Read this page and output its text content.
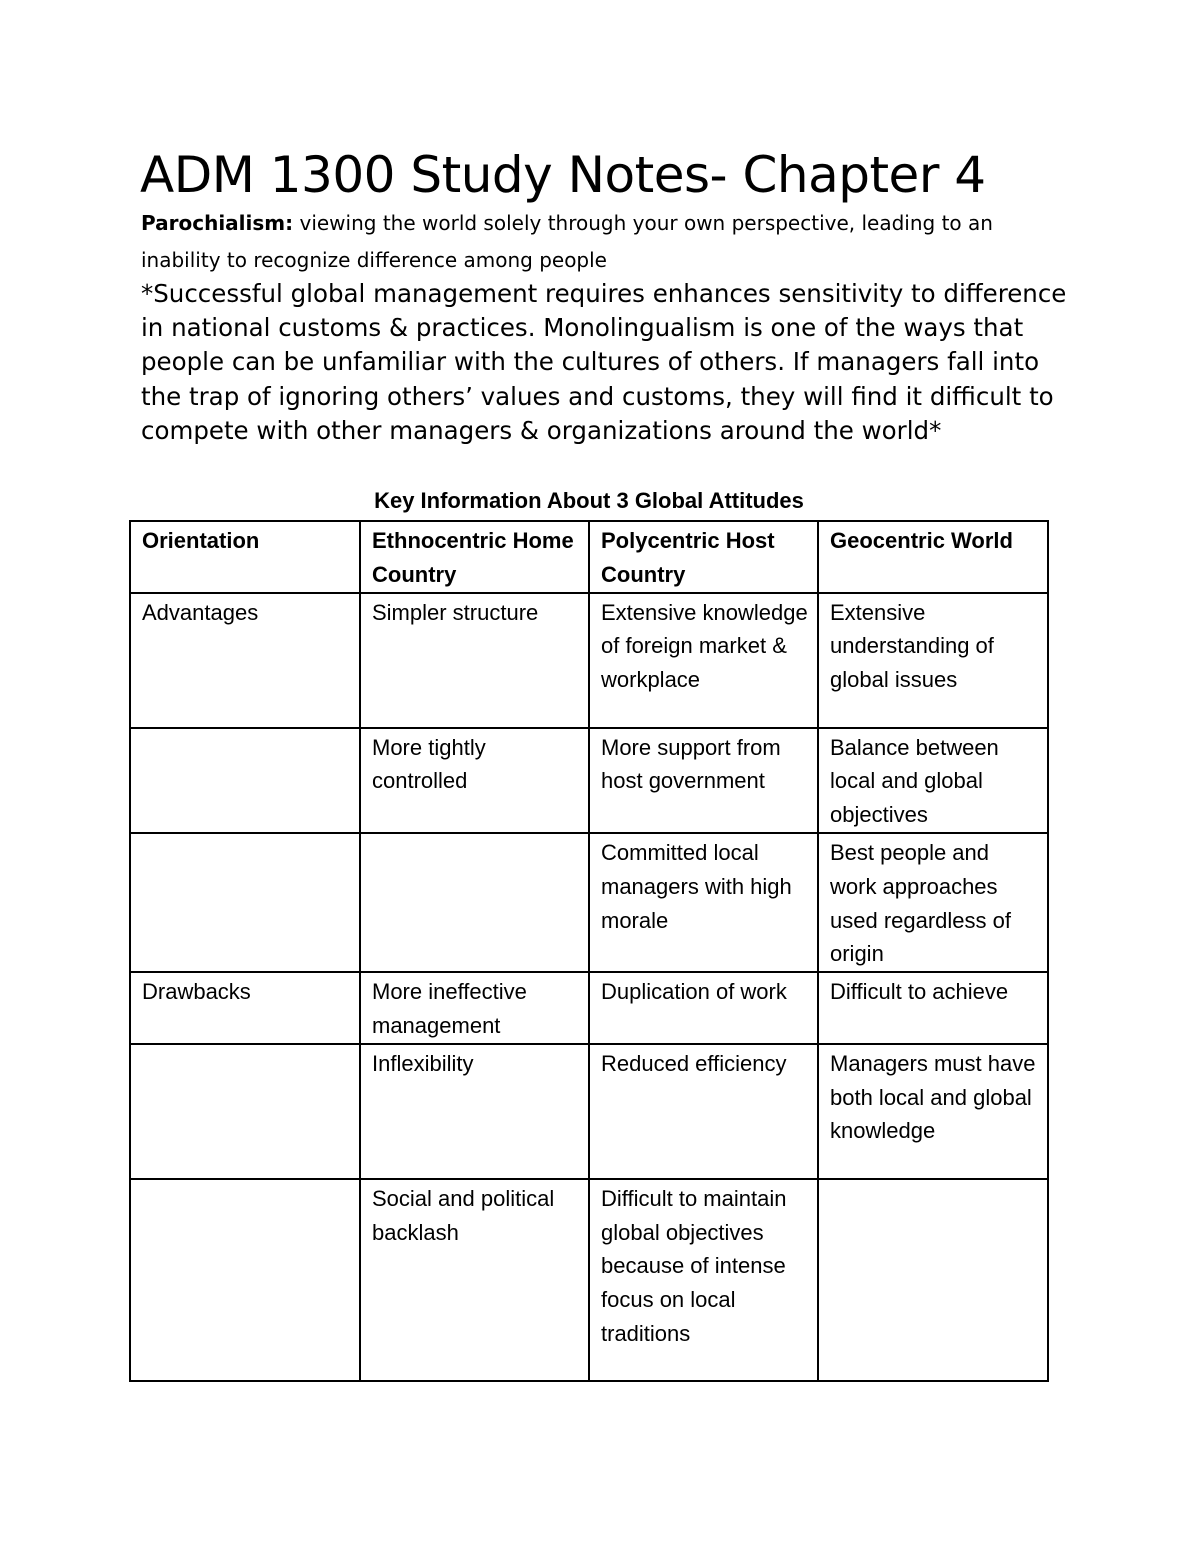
ADM 1300 Study Notes- Chapter 4

Parochialism: viewing the world solely through your own perspective, leading to an inability to recognize difference among people

*Successful global management requires enhances sensitivity to difference in national customs & practices. Monolingualism is one of the ways that people can be unfamiliar with the cultures of others. If managers fall into the trap of ignoring others’ values and customs, they will find it difficult to compete with other managers & organizations around the world*

Key Information About 3 Global Attitudes

Orientation	Ethnocentric Home Country	Polycentric Host Country	Geocentric World
Advantages	Simpler structure	Extensive knowledge of foreign market & workplace	Extensive understanding of global issues
	More tightly controlled	More support from host government	Balance between local and global objectives
		Committed local managers with high morale	Best people and work approaches used regardless of origin
Drawbacks	More ineffective management	Duplication of work	Difficult to achieve
	Inflexibility	Reduced efficiency	Managers must have both local and global knowledge
	Social and political backlash	Difficult to maintain global objectives because of intense focus on local traditions	
